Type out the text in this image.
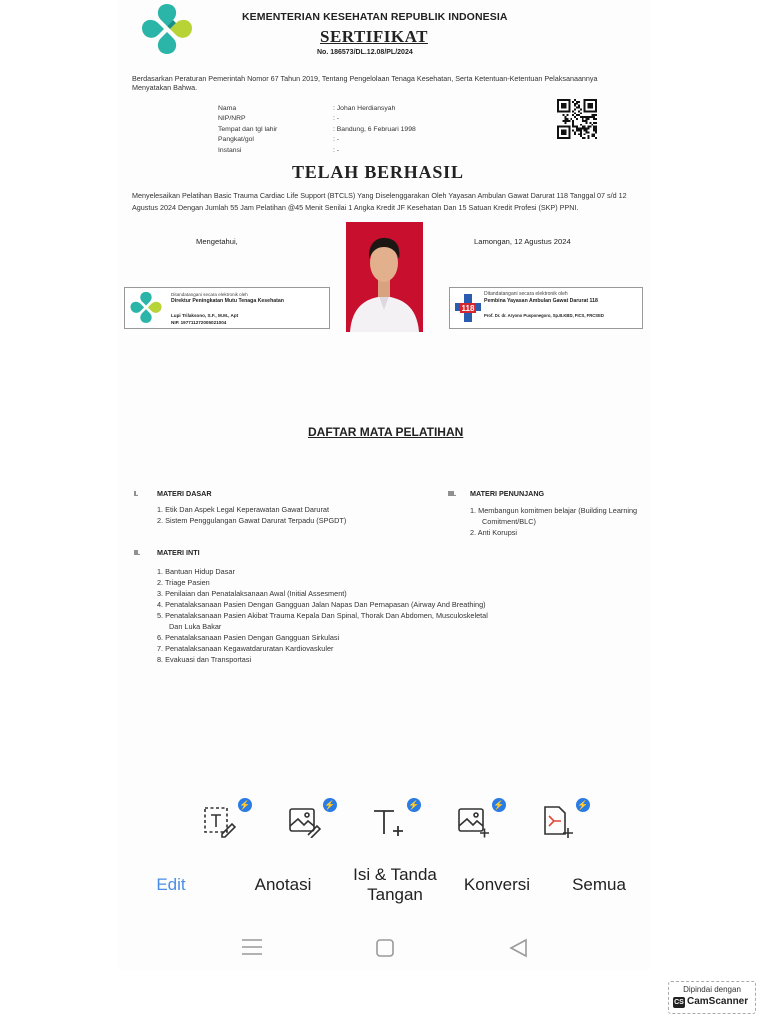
KEMENTERIAN KESEHATAN REPUBLIK INDONESIA
SERTIFIKAT
No. 186573/DL.12.08/PL/2024
Berdasarkan Peraturan Pemerintah Nomor 67 Tahun 2019, Tentang Pengelolaan Tenaga Kesehatan, Serta Ketentuan-Ketentuan Pelaksanaannya Menyatakan Bahwa.
Nama	: Johan Herdiansyah
NIP/NRP	: -
Tempat dan tgl lahir	: Bandung, 6 Februari 1998
Pangkat/gol	: -
Instansi	: -
TELAH BERHASIL
Menyelesaikan Pelatihan Basic Trauma Cardiac Life Support (BTCLS) Yang Diselenggarakan Oleh Yayasan Ambulan Gawat Darurat 118 Tanggal 07 s/d 12 Agustus 2024 Dengan Jumlah 55 Jam Pelatihan @45 Menit Senilai 1 Angka Kredit JF Kesehatan Dan 15 Satuan Kredit Profesi (SKP) PPNI.
Mengetahui,	Lamongan, 12 Agustus 2024
Ditandatangani secara elektronik oleh
Direktur Peningkatan Mutu Tenaga Kesehatan
Lupi Trilaksono, S.F., M.M., Apt
NIP. 197711272005021004
118
Ditandatangani secara elektronik oleh
Pembina Yayasan Ambulan Gawat Darurat 118
Prof. Dr. dr. Aryono Pusponegoro, Sp.B.KBD, FICS, FRCSED
DAFTAR MATA PELATIHAN
I.	MATERI DASAR
1. Etik Dan Aspek Legal Keperawatan Gawat Darurat
2. Sistem Penggulangan Gawat Darurat Terpadu (SPGDT)
II. MATERI INTI
1. Bantuan Hidup Dasar
2. Triage Pasien
3. Penilaian dan Penatalaksanaan Awal (Initial Assesment)
4. Penatalaksanaan Pasien Dengan Gangguan Jalan Napas Dan Pernapasan (Airway And Breathing)
5. Penatalaksanaan Pasien Akibat Trauma Kepala Dan Spinal, Thorak Dan Abdomen, Musculoskeletal Dan Luka Bakar
6. Penatalaksanaan Pasien Dengan Gangguan Sirkulasi
7. Penatalaksanaan Kegawatdaruratan Kardiovaskuler
8. Evakuasi dan Transportasi
III. MATERI PENUNJANG
1. Membangun komitmen belajar (Building Learning Comitment/BLC)
2. Anti Korupsi
⚡	⚡	⚡	⚡	⚡
Edit	Anotasi
Isi & Tanda Tangan
Konversi	Semua
Dipindai dengan
CS CamScanner
